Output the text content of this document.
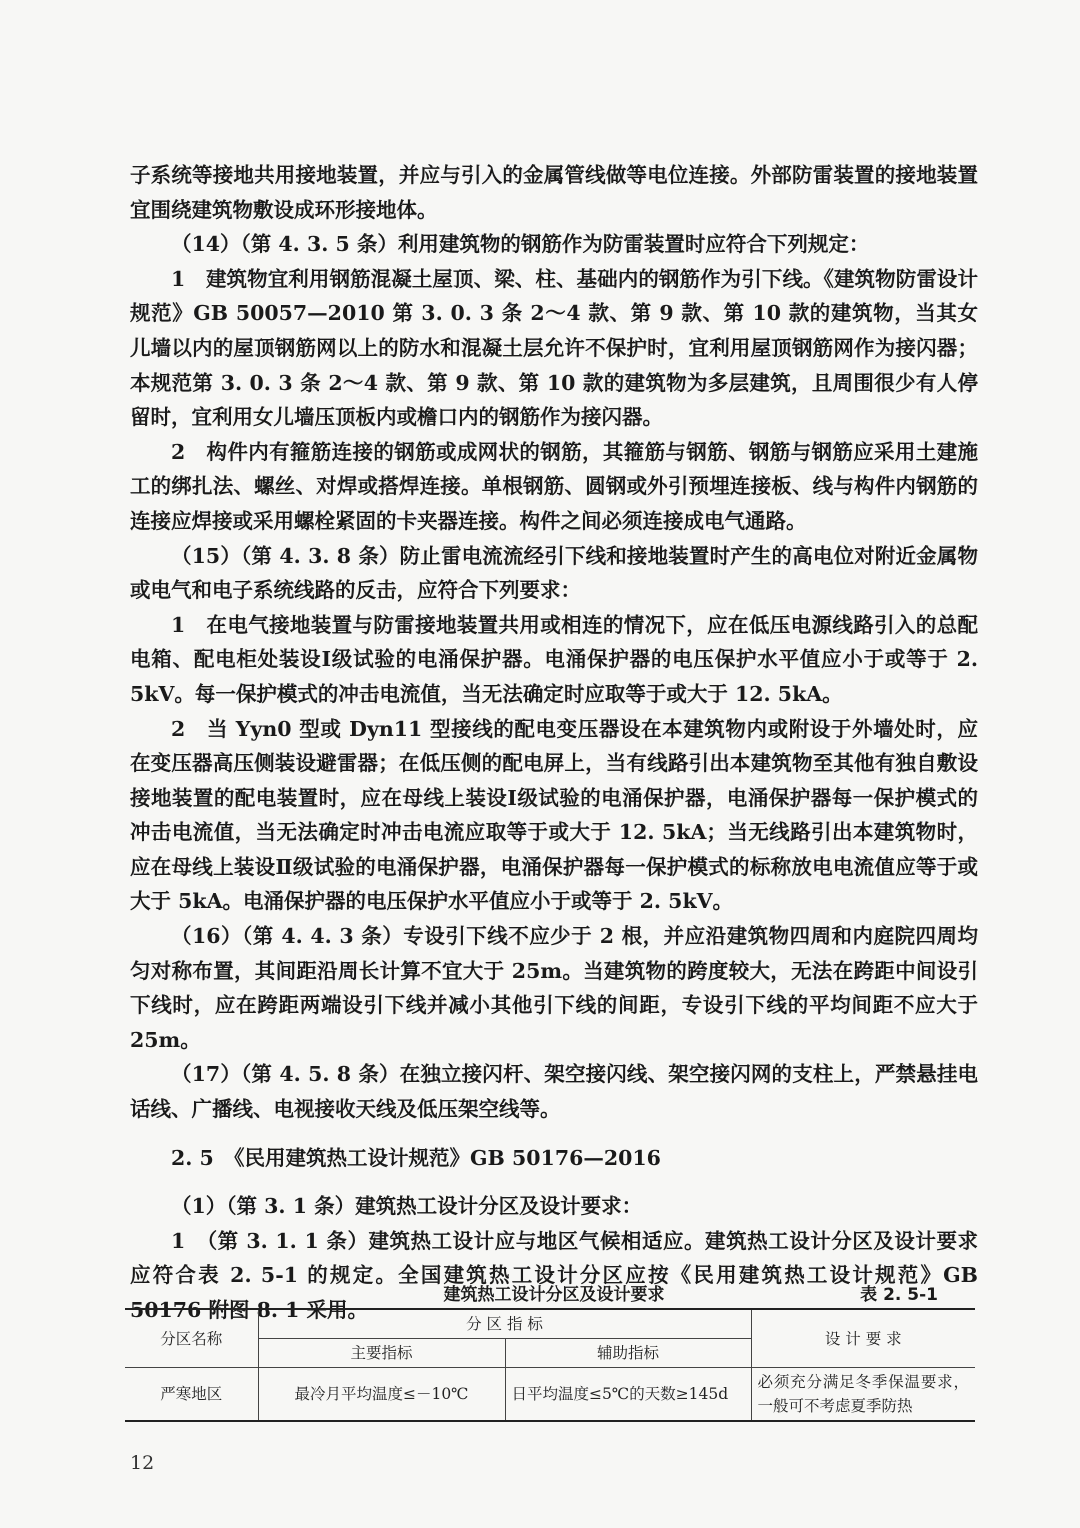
子系统等接地共用接地装置，并应与引入的金属管线做等电位连接。外部防雷装置的接地装置宜围绕建筑物敷设成环形接地体。

（14）（第 4. 3. 5 条）利用建筑物的钢筋作为防雷装置时应符合下列规定：

1　建筑物宜利用钢筋混凝土屋顶、梁、柱、基础内的钢筋作为引下线。《建筑物防雷设计规范》GB 50057—2010 第 3. 0. 3 条 2～4 款、第 9 款、第 10 款的建筑物，当其女儿墙以内的屋顶钢筋网以上的防水和混凝土层允许不保护时，宜利用屋顶钢筋网作为接闪器；本规范第 3. 0. 3 条 2～4 款、第 9 款、第 10 款的建筑物为多层建筑，且周围很少有人停留时，宜利用女儿墙压顶板内或檐口内的钢筋作为接闪器。

2　构件内有箍筋连接的钢筋或成网状的钢筋，其箍筋与钢筋、钢筋与钢筋应采用土建施工的绑扎法、螺丝、对焊或搭焊连接。单根钢筋、圆钢或外引预埋连接板、线与构件内钢筋的连接应焊接或采用螺栓紧固的卡夹器连接。构件之间必须连接成电气通路。

（15）（第 4. 3. 8 条）防止雷电流流经引下线和接地装置时产生的高电位对附近金属物或电气和电子系统线路的反击，应符合下列要求：

1　在电气接地装置与防雷接地装置共用或相连的情况下，应在低压电源线路引入的总配电箱、配电柜处装设Ⅰ级试验的电涌保护器。电涌保护器的电压保护水平值应小于或等于 2. 5kV。每一保护模式的冲击电流值，当无法确定时应取等于或大于 12. 5kA。

2　当 Yyn0 型或 Dyn11 型接线的配电变压器设在本建筑物内或附设于外墙处时，应在变压器高压侧装设避雷器；在低压侧的配电屏上，当有线路引出本建筑物至其他有独自敷设接地装置的配电装置时，应在母线上装设Ⅰ级试验的电涌保护器，电涌保护器每一保护模式的冲击电流值，当无法确定时冲击电流应取等于或大于 12. 5kA；当无线路引出本建筑物时，应在母线上装设Ⅱ级试验的电涌保护器，电涌保护器每一保护模式的标称放电电流值应等于或大于 5kA。电涌保护器的电压保护水平值应小于或等于 2. 5kV。

（16）（第 4. 4. 3 条）专设引下线不应少于 2 根，并应沿建筑物四周和内庭院四周均匀对称布置，其间距沿周长计算不宜大于 25m。当建筑物的跨度较大，无法在跨距中间设引下线时，应在跨距两端设引下线并减小其他引下线的间距，专设引下线的平均间距不应大于 25m。

（17）（第 4. 5. 8 条）在独立接闪杆、架空接闪线、架空接闪网的支柱上，严禁悬挂电话线、广播线、电视接收天线及低压架空线等。

2. 5　《民用建筑热工设计规范》GB 50176—2016

（1）（第 3. 1 条）建筑热工设计分区及设计要求：

1　（第 3. 1. 1 条）建筑热工设计应与地区气候相适应。建筑热工设计分区及设计要求应符合表 2. 5-1 的规定。全国建筑热工设计分区应按《民用建筑热工设计规范》GB 50176 附图 8. 1 采用。

建筑热工设计分区及设计要求	表 2. 5-1
分区名称	分 区 指 标		设 计 要 求
	主要指标	辅助指标	
严寒地区	最冷月平均温度≤－10℃	日平均温度≤5℃的天数≥145d	必须充分满足冬季保温要求，一般可不考虑夏季防热
12
